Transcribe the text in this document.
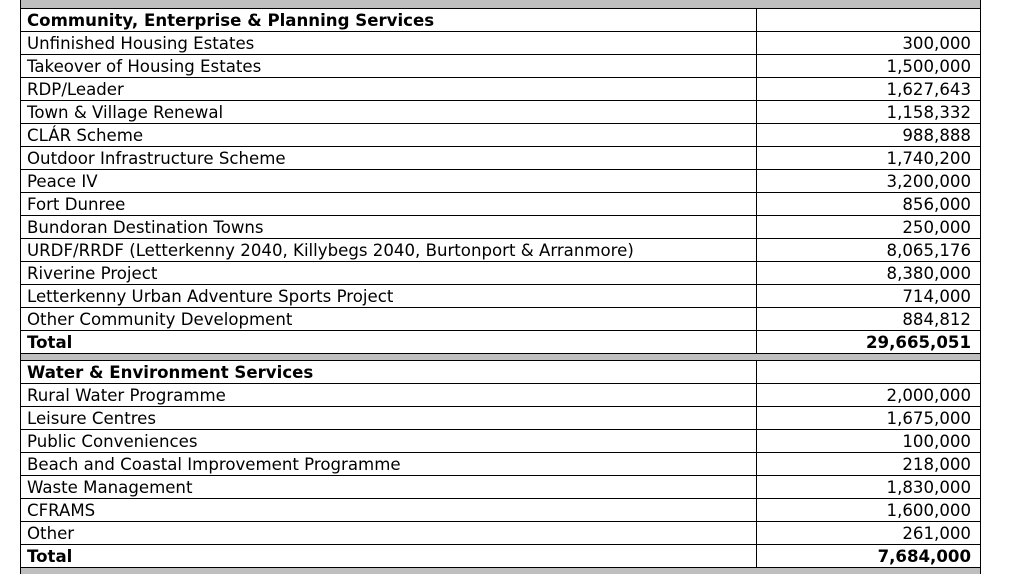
Community, Enterprise & Planning Services	
Unfinished Housing Estates	300,000
Takeover of Housing Estates	1,500,000
RDP/Leader	1,627,643
Town & Village Renewal	1,158,332
CLÁR Scheme	988,888
Outdoor Infrastructure Scheme	1,740,200
Peace IV	3,200,000
Fort Dunree	856,000
Bundoran Destination Towns	250,000
URDF/RRDF (Letterkenny 2040, Killybegs 2040, Burtonport & Arranmore)	8,065,176
Riverine Project	8,380,000
Letterkenny Urban Adventure Sports Project	714,000
Other Community Development	884,812
Total	29,665,051
Water & Environment Services	
Rural Water Programme	2,000,000
Leisure Centres	1,675,000
Public Conveniences	100,000
Beach and Coastal Improvement Programme	218,000
Waste Management	1,830,000
CFRAMS	1,600,000
Other	261,000
Total	7,684,000
